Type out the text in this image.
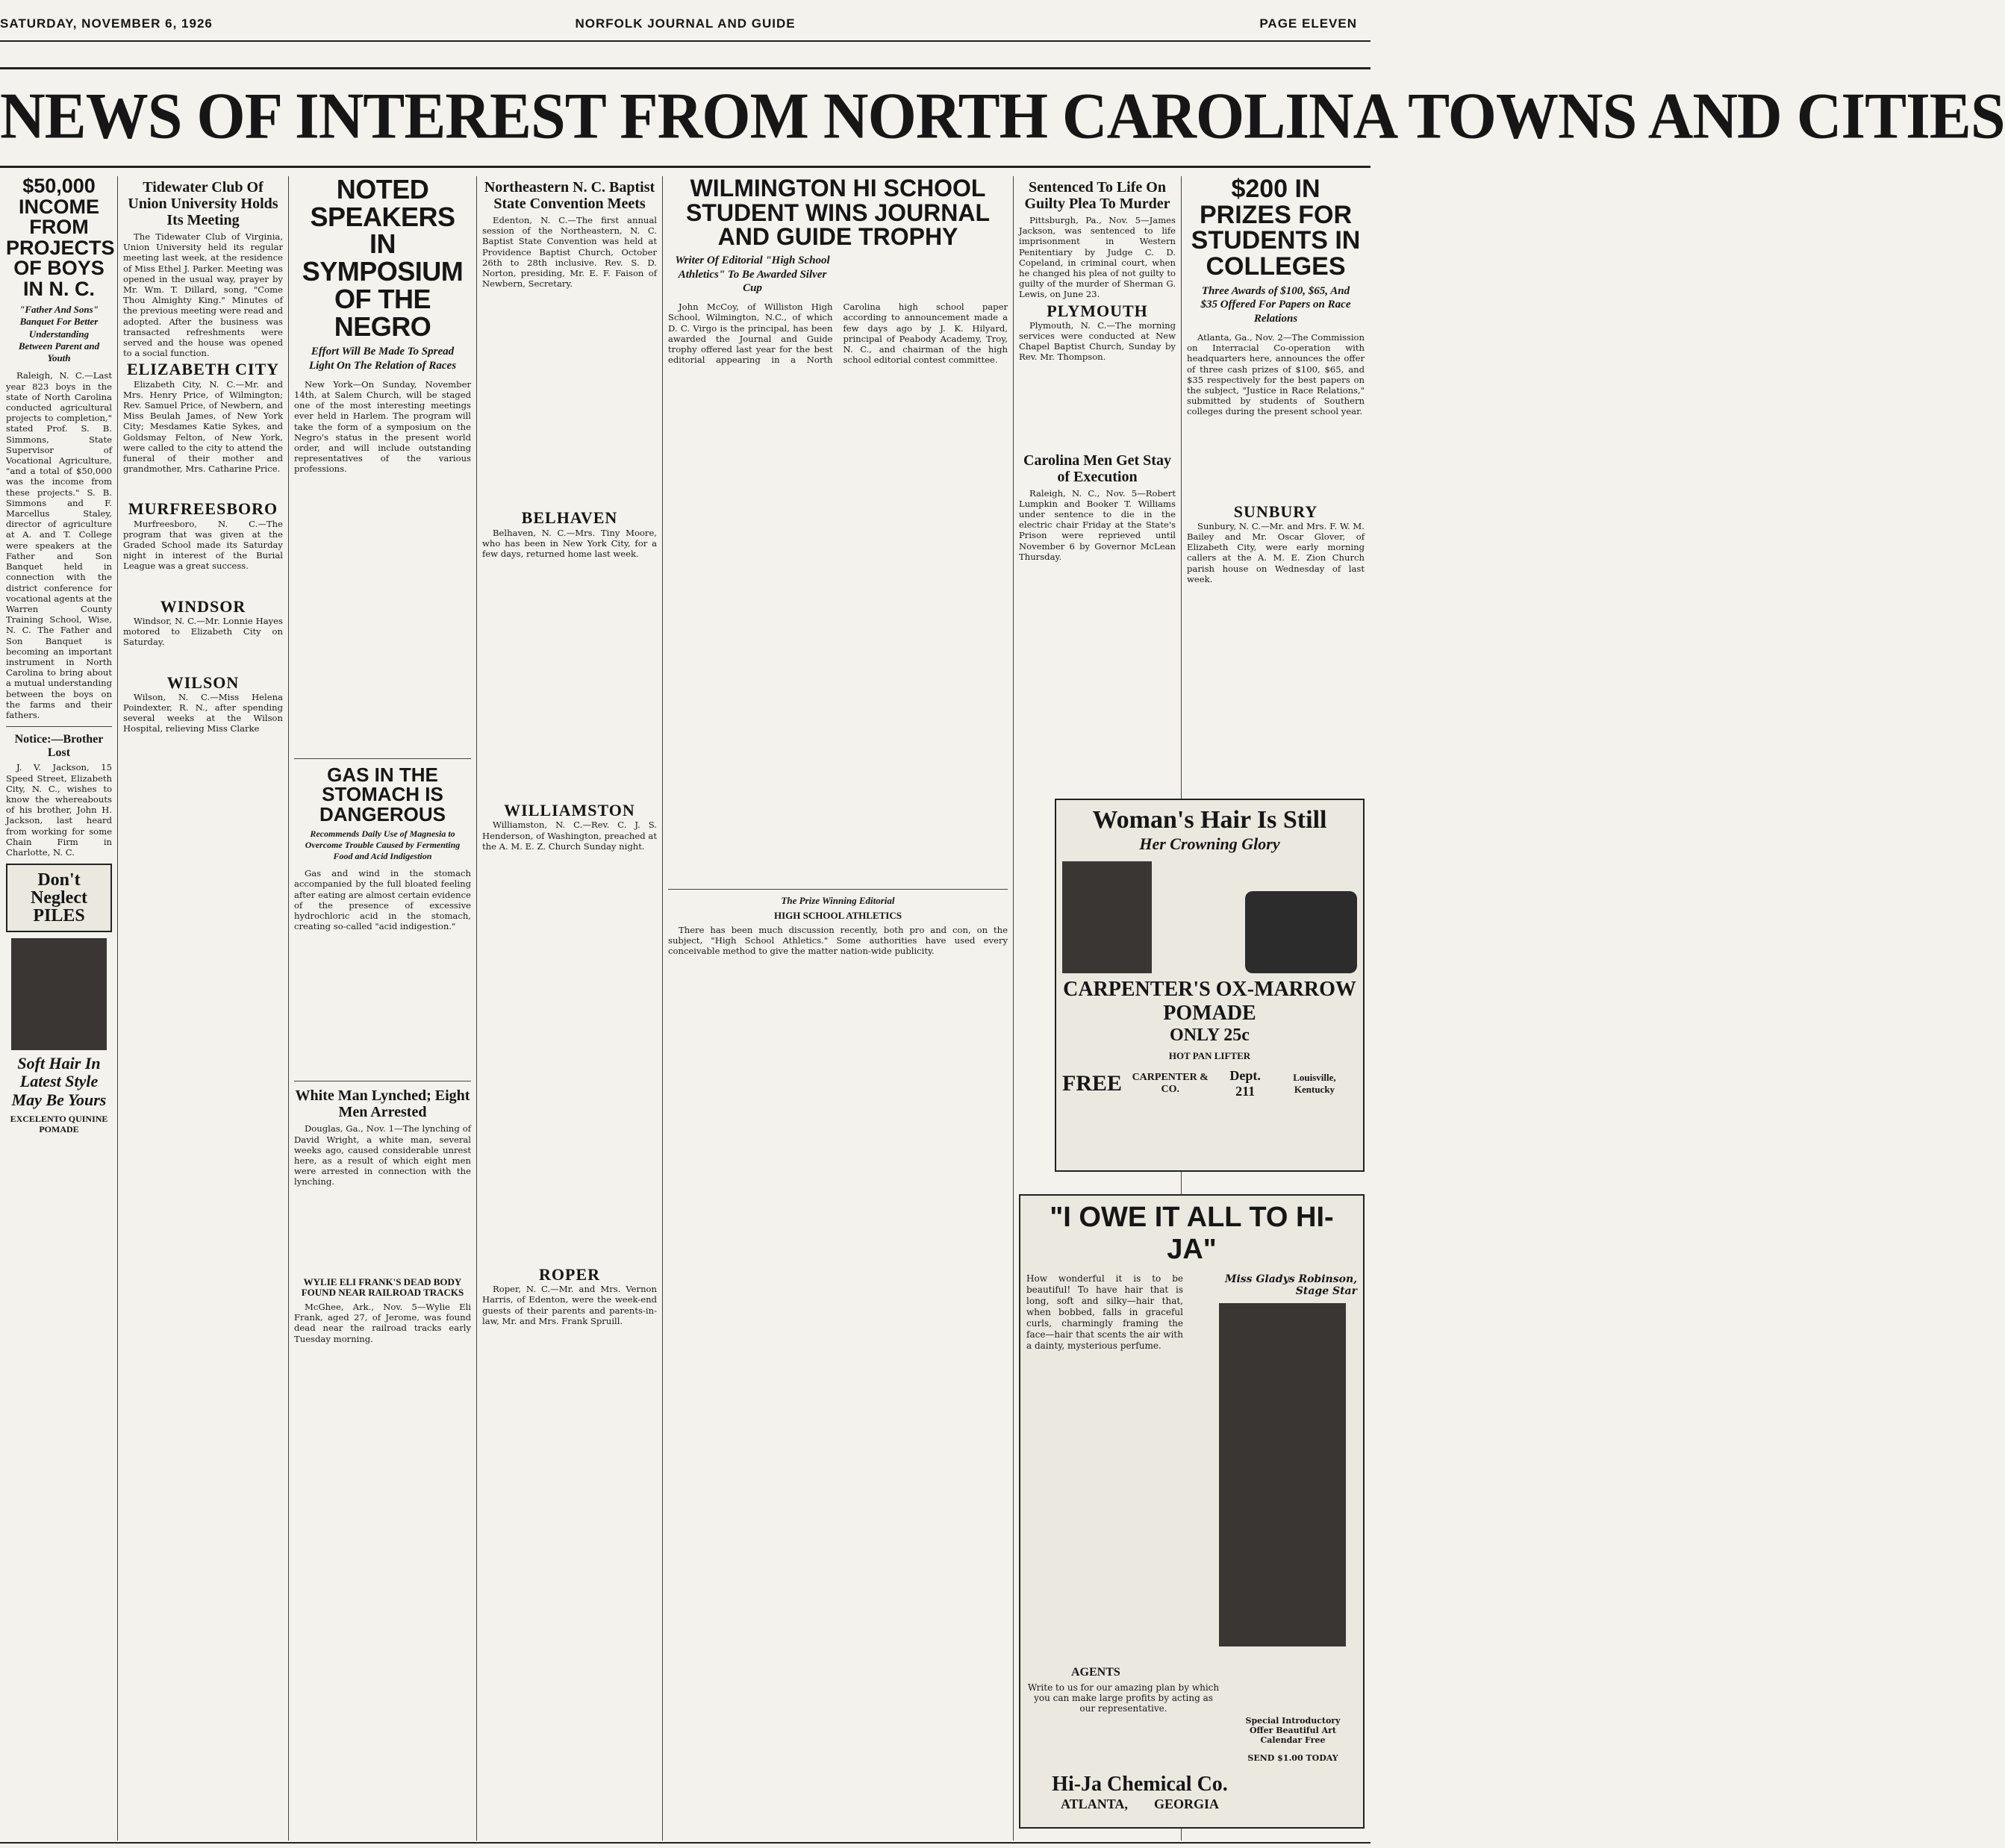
SATURDAY, NOVEMBER 6, 1926	NORFOLK JOURNAL AND GUIDE	PAGE ELEVEN
NEWS OF INTEREST FROM NORTH CAROLINA TOWNS AND CITIES
$50,000 INCOME FROM PROJECTS OF BOYS IN N. C.
"Father And Sons" Banquet For Better Understanding Between Parent and Youth

Raleigh, N. C.—Last year 823 boys in the state of North Carolina conducted agricultural projects to completion," stated Prof. S. B. Simmons, State Supervisor of Vocational Agriculture, "and a total of $50,000 was the income from these projects." S. B. Simmons and F. Marcellus Staley, director of agriculture at A. and T. College were speakers at the Father and Son Banquet held in connection with the district conference for vocational agents at the Warren County Training School, Wise, N. C. The Father and Son Banquet is becoming an important instrument in North Carolina to bring about a mutual understanding between the boys on the farms and their fathers.

Notice:—Brother Lost

J. V. Jackson, 15 Speed Street, Elizabeth City, N. C., wishes to know the whereabouts of his brother, John H. Jackson, last heard from working for some Chain Firm in Charlotte, N. C.

Don't Neglect PILES
Soft Hair In Latest Style May Be Yours
EXCELENTO QUININE POMADE
Tidewater Club Of Union University Holds Its Meeting

The Tidewater Club of Virginia, Union University held its regular meeting last week, at the residence of Miss Ethel J. Parker. Meeting was opened in the usual way, prayer by Mr. Wm. T. Dillard, song, "Come Thou Almighty King." Minutes of the previous meeting were read and adopted. After the business was transacted refreshments were served and the house was opened to a social function.

ELIZABETH CITY

Elizabeth City, N. C.—Mr. and Mrs. Henry Price, of Wilmington; Rev. Samuel Price, of Newbern, and Miss Beulah James, of New York City; Mesdames Katie Sykes, and Goldsmay Felton, of New York, were called to the city to attend the funeral of their mother and grandmother, Mrs. Catharine Price.

MURFREESBORO

Murfreesboro, N. C.—The program that was given at the Graded School made its Saturday night in interest of the Burial League was a great success.

WINDSOR

Windsor, N. C.—Mr. Lonnie Hayes motored to Elizabeth City on Saturday.

WILSON

Wilson, N. C.—Miss Helena Poindexter, R. N., after spending several weeks at the Wilson Hospital, relieving Miss Clarke

NOTED SPEAKERS IN SYMPOSIUM OF THE NEGRO
Effort Will Be Made To Spread Light On The Relation of Races

New York—On Sunday, November 14th, at Salem Church, will be staged one of the most interesting meetings ever held in Harlem. The program will take the form of a symposium on the Negro's status in the present world order, and will include outstanding representatives of the various professions.

GAS IN THE STOMACH IS DANGEROUS
Recommends Daily Use of Magnesia to Overcome Trouble Caused by Fermenting Food and Acid Indigestion

Gas and wind in the stomach accompanied by the full bloated feeling after eating are almost certain evidence of the presence of excessive hydrochloric acid in the stomach, creating so-called "acid indigestion."

White Man Lynched; Eight Men Arrested

Douglas, Ga., Nov. 1—The lynching of David Wright, a white man, several weeks ago, caused considerable unrest here, as a result of which eight men were arrested in connection with the lynching.

WYLIE ELI FRANK'S DEAD BODY FOUND NEAR RAILROAD TRACKS

McGhee, Ark., Nov. 5—Wylie Eli Frank, aged 27, of Jerome, was found dead near the railroad tracks early Tuesday morning.

Northeastern N. C. Baptist State Convention Meets

Edenton, N. C.—The first annual session of the Northeastern, N. C. Baptist State Convention was held at Providence Baptist Church, October 26th to 28th inclusive. Rev. S. D. Norton, presiding, Mr. E. F. Faison of Newbern, Secretary.

BELHAVEN

Belhaven, N. C.—Mrs. Tiny Moore, who has been in New York City, for a few days, returned home last week.

WILLIAMSTON

Williamston, N. C.—Rev. C. J. S. Henderson, of Washington, preached at the A. M. E. Z. Church Sunday night.

ROPER

Roper, N. C.—Mr. and Mrs. Vernon Harris, of Edenton, were the week-end guests of their parents and parents-in-law, Mr. and Mrs. Frank Spruill.

WILMINGTON HI SCHOOL STUDENT WINS JOURNAL AND GUIDE TROPHY
Writer Of Editorial "High School Athletics" To Be Awarded Silver Cup

John McCoy, of Williston High School, Wilmington, N.C., of which D. C. Virgo is the principal, has been awarded the Journal and Guide trophy offered last year for the best editorial appearing in a North Carolina high school paper according to announcement made a few days ago by J. K. Hilyard, principal of Peabody Academy, Troy, N. C., and chairman of the high school editorial contest committee.

The Prize Winning Editorial
HIGH SCHOOL ATHLETICS

There has been much discussion recently, both pro and con, on the subject, "High School Athletics." Some authorities have used every conceivable method to give the matter nation-wide publicity.

Sentenced To Life On Guilty Plea To Murder

Pittsburgh, Pa., Nov. 5—James Jackson, was sentenced to life imprisonment in Western Penitentiary by Judge C. D. Copeland, in criminal court, when he changed his plea of not guilty to guilty of the murder of Sherman G. Lewis, on June 23.

PLYMOUTH

Plymouth, N. C.—The morning services were conducted at New Chapel Baptist Church, Sunday by Rev. Mr. Thompson.

Carolina Men Get Stay of Execution

Raleigh, N. C., Nov. 5—Robert Lumpkin and Booker T. Williams under sentence to die in the electric chair Friday at the State's Prison were reprieved until November 6 by Governor McLean Thursday.

$200 IN PRIZES FOR STUDENTS IN COLLEGES
Three Awards of $100, $65, And $35 Offered For Papers on Race Relations

Atlanta, Ga., Nov. 2—The Commission on Interracial Co-operation with headquarters here, announces the offer of three cash prizes of $100, $65, and $35 respectively for the best papers on the subject, "Justice in Race Relations," submitted by students of Southern colleges during the present school year.

SUNBURY

Sunbury, N. C.—Mr. and Mrs. F. W. M. Bailey and Mr. Oscar Glover, of Elizabeth City, were early morning callers at the A. M. E. Zion Church parish house on Wednesday of last week.

Woman's Hair Is Still
Her Crowning Glory
CARPENTER'S OX-MARROW POMADE
ONLY 25c
HOT PAN LIFTER
FREE CARPENTER & CO.
Dept. 211
Louisville, Kentucky
"I OWE IT ALL TO HI-JA"

How wonderful it is to be beautiful! To have hair that is long, soft and silky—hair that, when bobbed, falls in graceful curls, charmingly framing the face—hair that scents the air with a dainty, mysterious perfume.

Miss Gladys Robinson, Stage Star
AGENTS

Write to us for our amazing plan by which you can make large profits by acting as our representative.

Special Introductory Offer Beautiful Art Calendar Free
SEND $1.00 TODAY
Hi-Ja Chemical Co.
ATLANTA, GEORGIA
